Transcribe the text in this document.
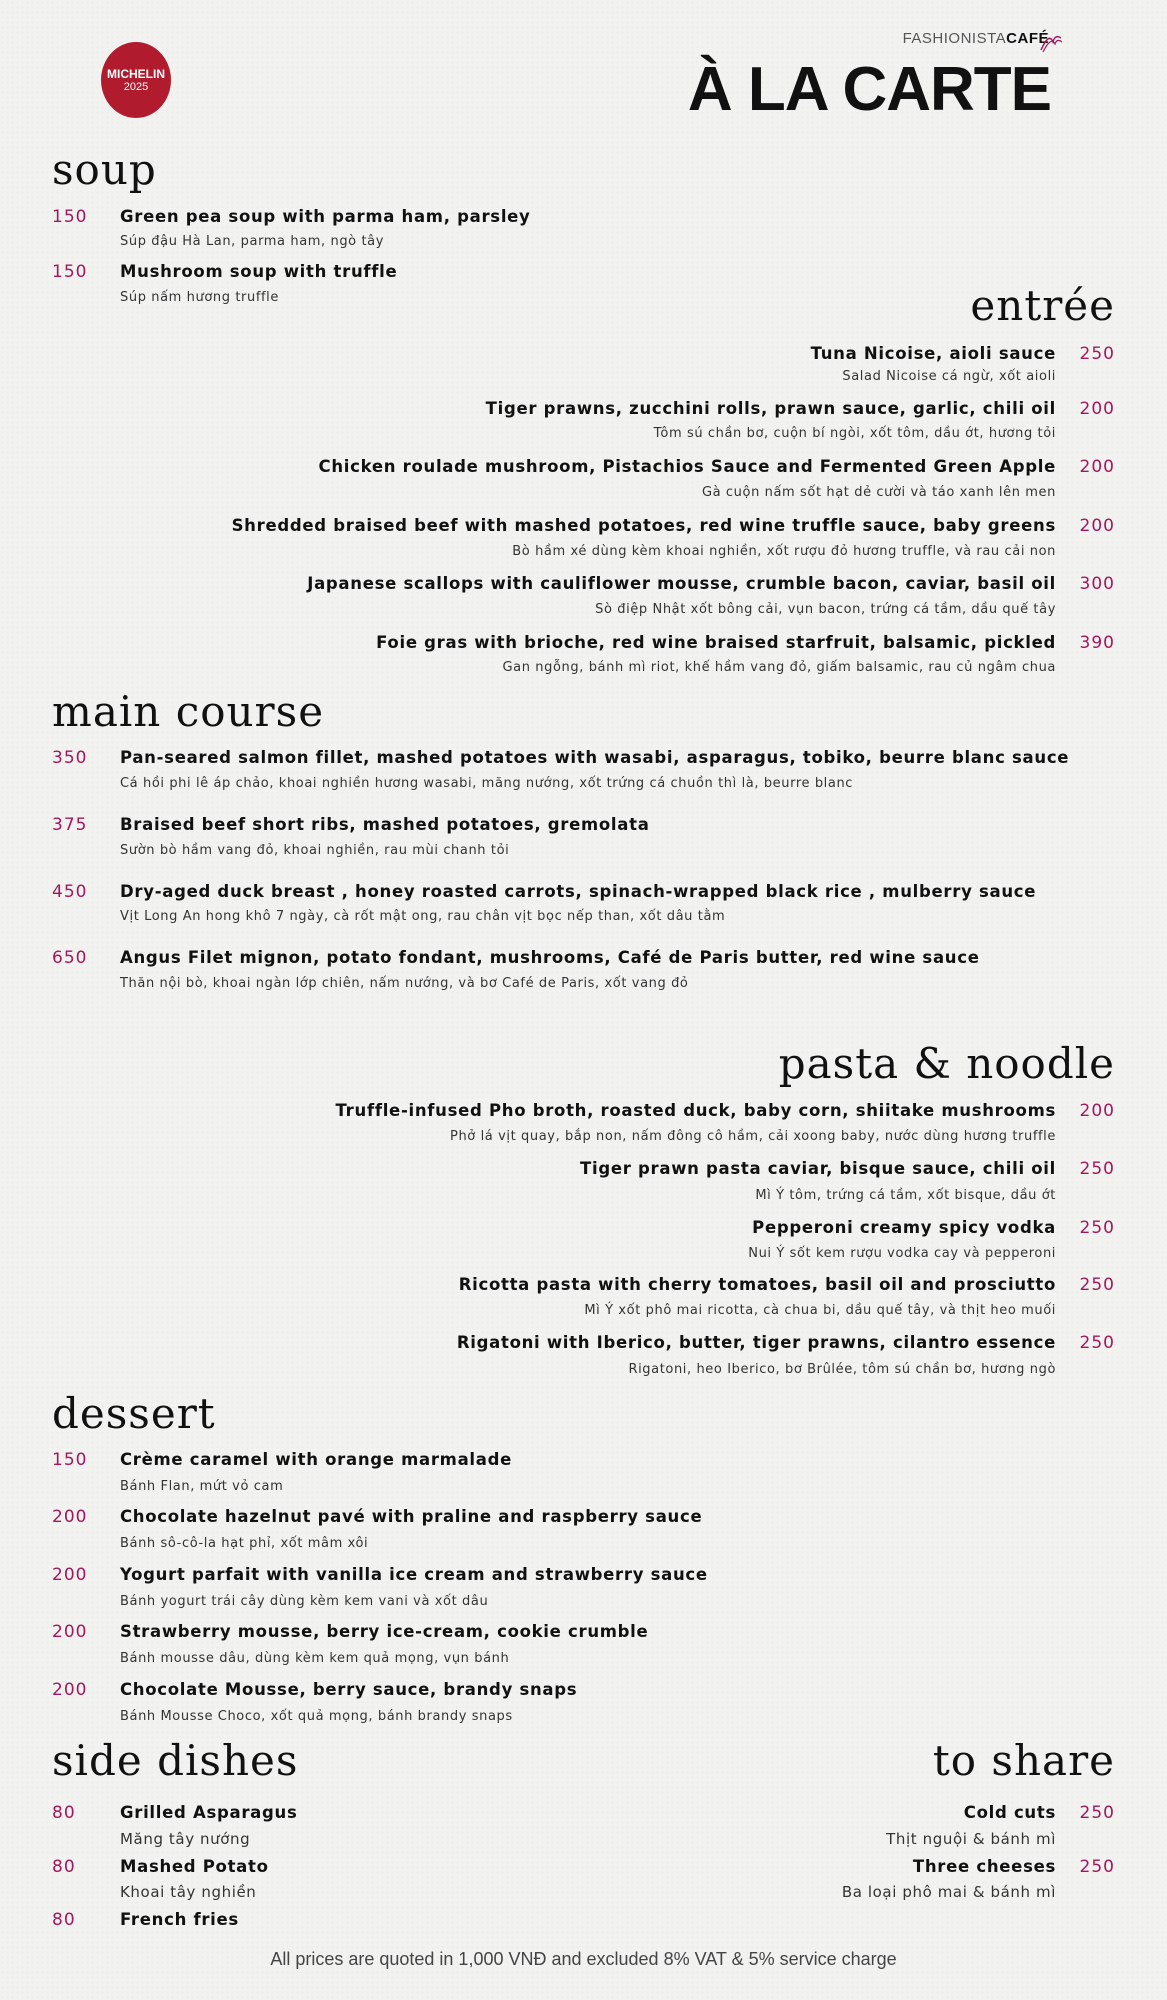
MICHELIN
2025
FASHIONISTACAFÉ
À LA CARTE
soup
150 Green pea soup with parma ham, parsley
Súp đậu Hà Lan, parma ham, ngò tây
150 Mushroom soup with truffle
Súp nấm hương truffle	entrée
250
Tuna Nicoise, aioli sauce
Salad Nicoise cá ngừ, xốt aioli
200
Tiger prawns, zucchini rolls, prawn sauce, garlic, chili oil
Tôm sú chần bơ, cuộn bí ngòi, xốt tôm, dầu ớt, hương tỏi
200
Chicken roulade mushroom, Pistachios Sauce and Fermented Green Apple
Gà cuộn nấm sốt hạt dẻ cười và táo xanh lên men
200
Shredded braised beef with mashed potatoes, red wine truffle sauce, baby greens
Bò hầm xé dùng kèm khoai nghiền, xốt rượu đỏ hương truffle, và rau cải non
300
Japanese scallops with cauliflower mousse, crumble bacon, caviar, basil oil
Sò điệp Nhật xốt bông cải, vụn bacon, trứng cá tầm, dầu quế tây
390
Foie gras with brioche, red wine braised starfruit, balsamic, pickled
Gan ngỗng, bánh mì riot, khế hầm vang đỏ, giấm balsamic, rau củ ngâm chua
main course
350 Pan-seared salmon fillet, mashed potatoes with wasabi, asparagus, tobiko, beurre blanc sauce
Cá hồi phi lê áp chảo, khoai nghiền hương wasabi, măng nướng, xốt trứng cá chuồn thì là, beurre blanc
375 Braised beef short ribs, mashed potatoes, gremolata
Sườn bò hầm vang đỏ, khoai nghiền, rau mùi chanh tỏi
450 Dry-aged duck breast , honey roasted carrots, spinach-wrapped black rice , mulberry sauce
Vịt Long An hong khô 7 ngày, cà rốt mật ong, rau chân vịt bọc nếp than, xốt dâu tằm
650 Angus Filet mignon, potato fondant, mushrooms, Café de Paris butter, red wine sauce
Thăn nội bò, khoai ngàn lớp chiên, nấm nướng, và bơ Café de Paris, xốt vang đỏ
pasta & noodle
200
Truffle-infused Pho broth, roasted duck, baby corn, shiitake mushrooms
Phở lá vịt quay, bắp non, nấm đông cô hầm, cải xoong baby, nước dùng hương truffle
250
Tiger prawn pasta caviar, bisque sauce, chili oil
Mì Ý tôm, trứng cá tầm, xốt bisque, dầu ớt
250
Pepperoni creamy spicy vodka
Nui Ý sốt kem rượu vodka cay và pepperoni
250
Ricotta pasta with cherry tomatoes, basil oil and prosciutto
Mì Ý xốt phô mai ricotta, cà chua bi, dầu quế tây, và thịt heo muối
250
Rigatoni with Iberico, butter, tiger prawns, cilantro essence
Rigatoni, heo Iberico, bơ Brûlée, tôm sú chần bơ, hương ngò
dessert
150 Crème caramel with orange marmalade
Bánh Flan, mứt vỏ cam
200 Chocolate hazelnut pavé with praline and raspberry sauce
Bánh sô-cô-la hạt phỉ, xốt mâm xôi
200 Yogurt parfait with vanilla ice cream and strawberry sauce
Bánh yogurt trái cây dùng kèm kem vani và xốt dâu
200 Strawberry mousse, berry ice-cream, cookie crumble
Bánh mousse dâu, dùng kèm kem quả mọng, vụn bánh
200 Chocolate Mousse, berry sauce, brandy snaps
Bánh Mousse Choco, xốt quả mọng, bánh brandy snaps
side dishes
80	Grilled Asparagus
Măng tây nướng
80	Mashed Potato
Khoai tây nghiền
80	French fries
to share
250
Cold cuts
Thịt nguội & bánh mì
250
Three cheeses
Ba loại phô mai & bánh mì
All prices are quoted in 1,000 VNĐ and excluded 8% VAT & 5% service charge
